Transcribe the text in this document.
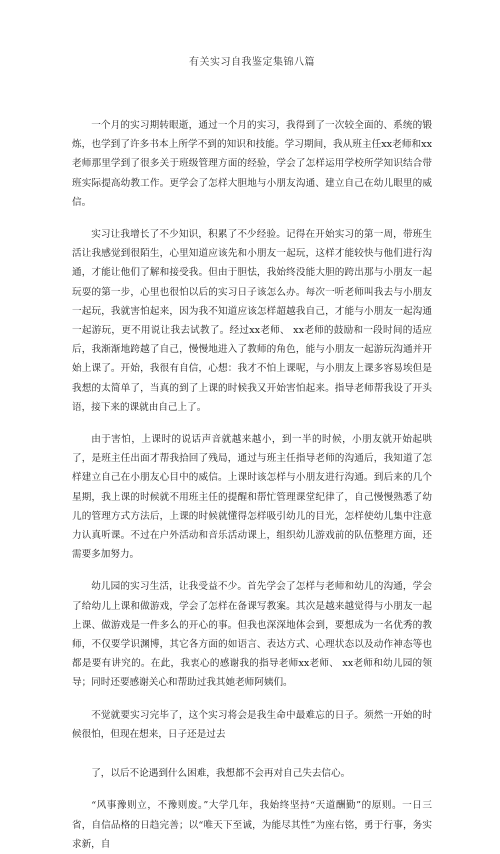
有关实习自我鉴定集锦八篇

一个月的实习期转眼逝，通过一个月的实习，我得到了一次较全面的、系统的锻炼，也学到了许多书本上所学不到的知识和技能。学习期间，我从班主任xx老师和xx老师那里学到了很多关于班级管理方面的经验，学会了怎样运用学校所学知识结合带班实际提高幼教工作。更学会了怎样大胆地与小朋友沟通、建立自己在幼儿眼里的威信。

实习让我增长了不少知识，积累了不少经验。记得在开始实习的第一周，带班生活让我感觉到很陌生，心里知道应该先和小朋友一起玩，这样才能较快与他们进行沟通，才能让他们了解和接受我。但由于胆怯，我始终没能大胆的跨出那与小朋友一起玩耍的第一步，心里也很怕以后的实习日子该怎么办。每次一听老师叫我去与小朋友一起玩，我就害怕起来，因为我不知道应该怎样超越我自己，才能与小朋友一起沟通一起游玩，更不用说让我去试教了。经过xx老师、 xx老师的鼓励和一段时间的适应后，我渐渐地跨越了自己，慢慢地进入了教师的角色，能与小朋友一起游玩沟通并开始上课了。开始，我很有自信，心想：我才不怕上课呢，与小朋友上课多容易埃但是我想的太简单了，当真的到了上课的时候我又开始害怕起来。指导老师帮我设了开头语，接下来的课就由自己上了。

由于害怕，上课时的说话声音就越来越小，到一半的时候，小朋友就开始起哄了，是班主任出面才帮我拾回了残局，通过与班主任指导老师的沟通后，我知道了怎样建立自己在小朋友心目中的威信。上课时该怎样与小朋友进行沟通。到后来的几个星期，我上课的时候就不用班主任的提醒和帮忙管理课堂纪律了，自己慢慢熟悉了幼儿的管理方式方法后，上课的时候就懂得怎样吸引幼儿的目光，怎样使幼儿集中注意力认真听课。不过在户外活动和音乐活动课上，组织幼儿游戏前的队伍整理方面，还需要多加努力。

幼儿园的实习生活，让我受益不少。首先学会了怎样与老师和幼儿的沟通，学会了给幼儿上课和做游戏，学会了怎样在备课写教案。其次是越来越觉得与小朋友一起上课、做游戏是一件多么的开心的事。但我也深深地体会到，要想成为一名优秀的教师，不仅要学识渊博，其它各方面的如语言、表达方式、心理状态以及动作神态等也都是要有讲究的。在此，我衷心的感谢我的指导老师xx老师、 xx老师和幼儿园的领导；同时还要感谢关心和帮助过我其她老师阿姨们。

不觉就要实习完毕了，这个实习将会是我生命中最难忘的日子。须然一开始的时候很怕，但现在想来，日子还是过去

了，以后不论遇到什么困难，我想都不会再对自己失去信心。

“风事豫则立，不豫则废。”大学几年，我始终坚持“天道酬勤”的原则。一日三省，自信品格的日趋完善；以“唯天下至诚，为能尽其性”为座右铭，勇于行事，务实求新，自
